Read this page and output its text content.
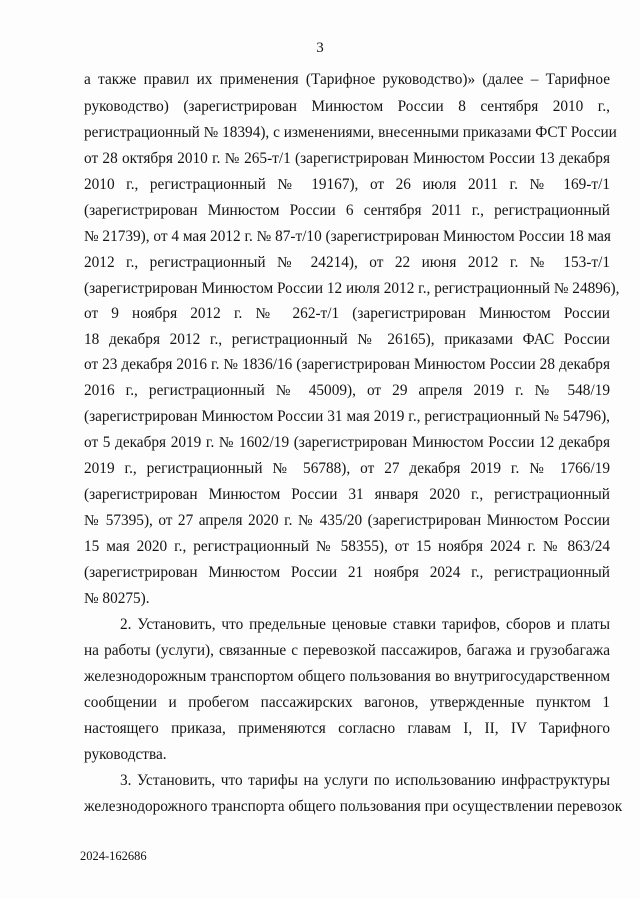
3
а также правил их применения (Тарифное руководство)» (далее – Тарифное
руководство) (зарегистрирован Минюстом России 8 сентября 2010 г.,
регистрационный № 18394), с изменениями, внесенными приказами ФСТ России
от 28 октября 2010 г. № 265-т/1 (зарегистрирован Минюстом России 13 декабря
2010 г., регистрационный № 19167), от 26 июля 2011 г. № 169-т/1
(зарегистрирован Минюстом России 6 сентября 2011 г., регистрационный
№ 21739), от 4 мая 2012 г. № 87-т/10 (зарегистрирован Минюстом России 18 мая
2012 г., регистрационный № 24214), от 22 июня 2012 г. № 153-т/1
(зарегистрирован Минюстом России 12 июля 2012 г., регистрационный № 24896),
от 9 ноября 2012 г. № 262-т/1 (зарегистрирован Минюстом России
18 декабря 2012 г., регистрационный № 26165), приказами ФАС России
от 23 декабря 2016 г. № 1836/16 (зарегистрирован Минюстом России 28 декабря
2016 г., регистрационный № 45009), от 29 апреля 2019 г. № 548/19
(зарегистрирован Минюстом России 31 мая 2019 г., регистрационный № 54796),
от 5 декабря 2019 г. № 1602/19 (зарегистрирован Минюстом России 12 декабря
2019 г., регистрационный № 56788), от 27 декабря 2019 г. № 1766/19
(зарегистрирован Минюстом России 31 января 2020 г., регистрационный
№ 57395), от 27 апреля 2020 г. № 435/20 (зарегистрирован Минюстом России
15 мая 2020 г., регистрационный № 58355), от 15 ноября 2024 г. № 863/24
(зарегистрирован Минюстом России 21 ноября 2024 г., регистрационный
№ 80275).
2. Установить, что предельные ценовые ставки тарифов, сборов и платы
на работы (услуги), связанные с перевозкой пассажиров, багажа и грузобагажа
железнодорожным транспортом общего пользования во внутригосударственном
сообщении и пробегом пассажирских вагонов, утвержденные пунктом 1
настоящего приказа, применяются согласно главам I, II, IV Тарифного
руководства.
3. Установить, что тарифы на услуги по использованию инфраструктуры
железнодорожного транспорта общего пользования при осуществлении перевозок
2024-162686
